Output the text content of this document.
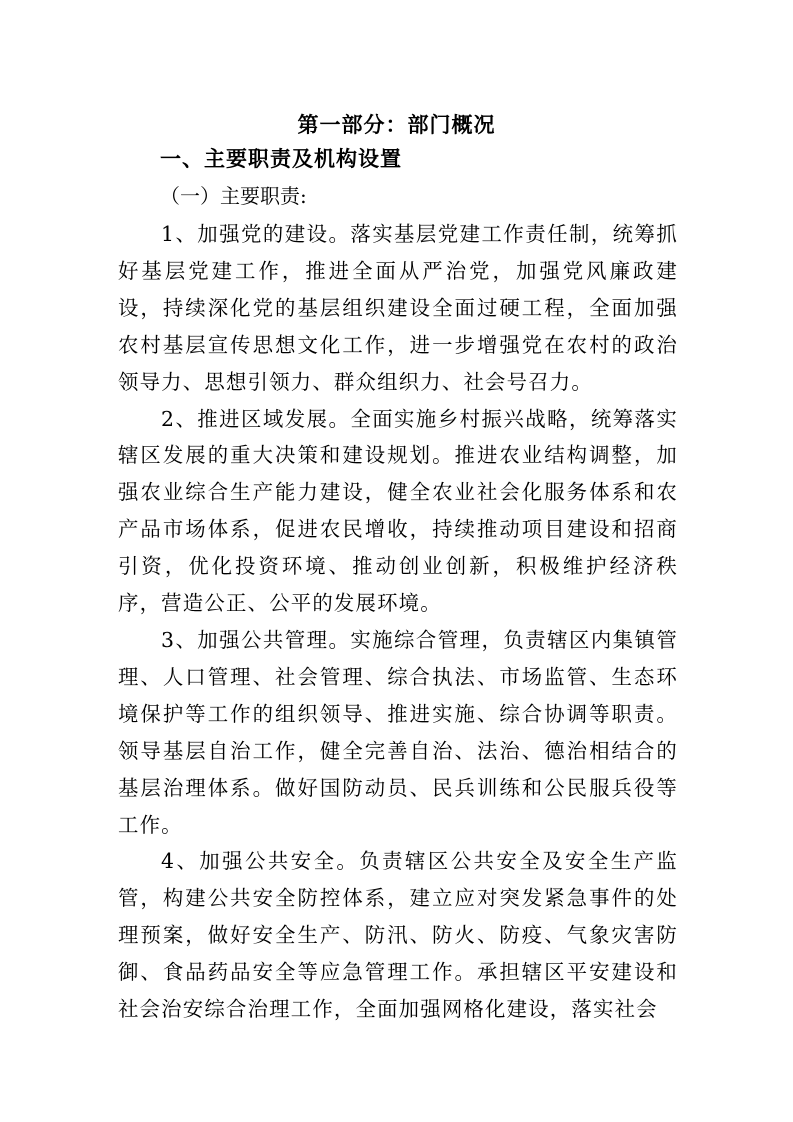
第一部分：部门概况
一、主要职责及机构设置
（一）主要职责:

1、加强党的建设。落实基层党建工作责任制，统筹抓好基层党建工作，推进全面从严治党，加强党风廉政建设，持续深化党的基层组织建设全面过硬工程，全面加强农村基层宣传思想文化工作，进一步增强党在农村的政治领导力、思想引领力、群众组织力、社会号召力。

2、推进区域发展。全面实施乡村振兴战略，统筹落实辖区发展的重大决策和建设规划。推进农业结构调整，加强农业综合生产能力建设，健全农业社会化服务体系和农产品市场体系，促进农民增收，持续推动项目建设和招商引资，优化投资环境、推动创业创新，积极维护经济秩序，营造公正、公平的发展环境。

3、加强公共管理。实施综合管理，负责辖区内集镇管理、人口管理、社会管理、综合执法、市场监管、生态环境保护等工作的组织领导、推进实施、综合协调等职责。领导基层自治工作，健全完善自治、法治、德治相结合的基层治理体系。做好国防动员、民兵训练和公民服兵役等工作。

4、加强公共安全。负责辖区公共安全及安全生产监管，构建公共安全防控体系，建立应对突发紧急事件的处理预案，做好安全生产、防汛、防火、防疫、气象灾害防御、食品药品安全等应急管理工作。承担辖区平安建设和社会治安综合治理工作，全面加强网格化建设，落实社会
